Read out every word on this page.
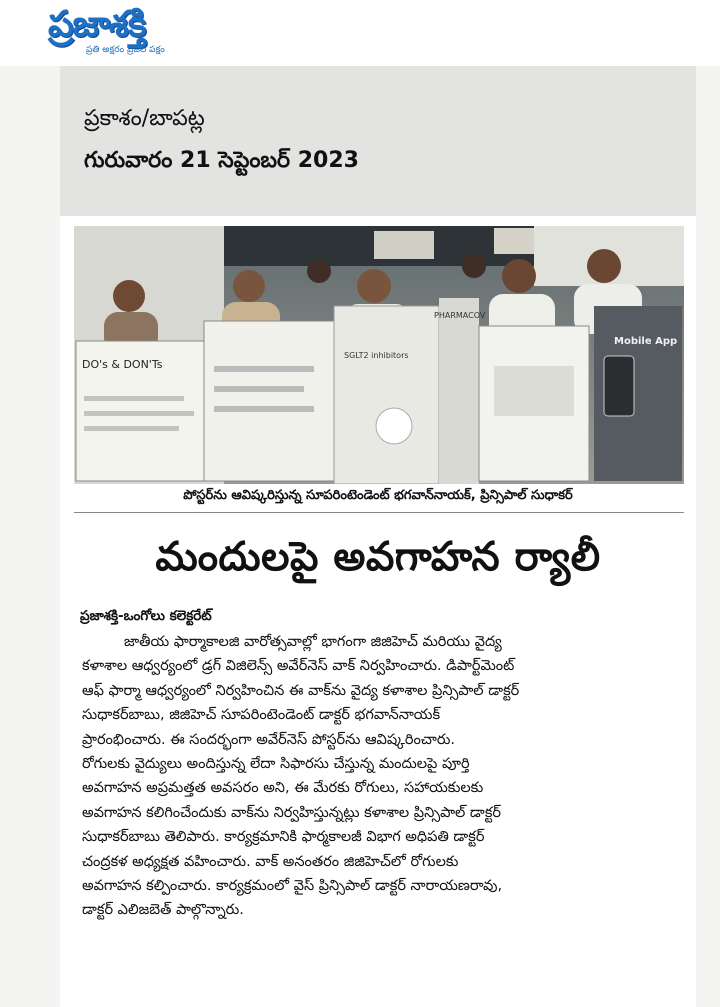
ప్రజాశక్తి
ప్రతి అక్షరం ప్రజల పక్షం
ప్రకాశం/బాపట్ల
గురువారం 21 సెప్టెంబర్ 2023
DO's & DON'Ts
SGLT2 inhibitors
PHARMACOV
Mobile App
పోస్టర్‌ను ఆవిష్కరిస్తున్న సూపరింటెండెంట్ భగవాన్‌నాయక్, ప్రిన్సిపాల్ సుధాకర్
మందులపై అవగాహన ర్యాలీ
ప్రజాశక్తి-ఒంగోలు కలెక్టరేట్
జాతీయ ఫార్మాకాలజి వారోత్సవాల్లో భాగంగా జిజిహెచ్ మరియు వైద్య
కళాశాల ఆధ్వర్యంలో డ్రగ్ విజిలెన్స్ అవేర్‌నెస్ వాక్ నిర్వహించారు. డిపార్ట్‌మెంట్
ఆఫ్ ఫార్మా ఆధ్వర్యంలో నిర్వహించిన ఈ వాక్‌ను వైద్య కళాశాల ప్రిన్సిపాల్ డాక్టర్
సుధాకర్‌బాబు, జిజిహెచ్ సూపరింటెండెంట్ డాక్టర్ భగవాన్‌నాయక్
ప్రారంభించారు. ఈ సందర్భంగా అవేర్‌నెస్ పోస్టర్‌ను ఆవిష్కరించారు.
రోగులకు వైద్యులు అందిస్తున్న లేదా సిఫారసు చేస్తున్న మందులపై పూర్తి
అవగాహన అప్రమత్తత అవసరం అని, ఈ మేరకు రోగులు, సహాయకులకు
అవగాహన కలిగించేందుకు వాక్‌ను నిర్వహిస్తున్నట్లు కళాశాల ప్రిన్సిపాల్ డాక్టర్
సుధాకర్‌బాబు తెలిపారు. కార్యక్రమానికి ఫార్మకాలజీ విభాగ అధిపతి డాక్టర్
చంద్రకళ అధ్యక్షత వహించారు. వాక్ అనంతరం జిజిహెచ్‌లో రోగులకు
అవగాహన కల్పించారు. కార్యక్రమంలో వైస్ ప్రిన్సిపాల్ డాక్టర్ నారాయణరావు,
డాక్టర్ ఎలిజబెత్ పాల్గొన్నారు.
